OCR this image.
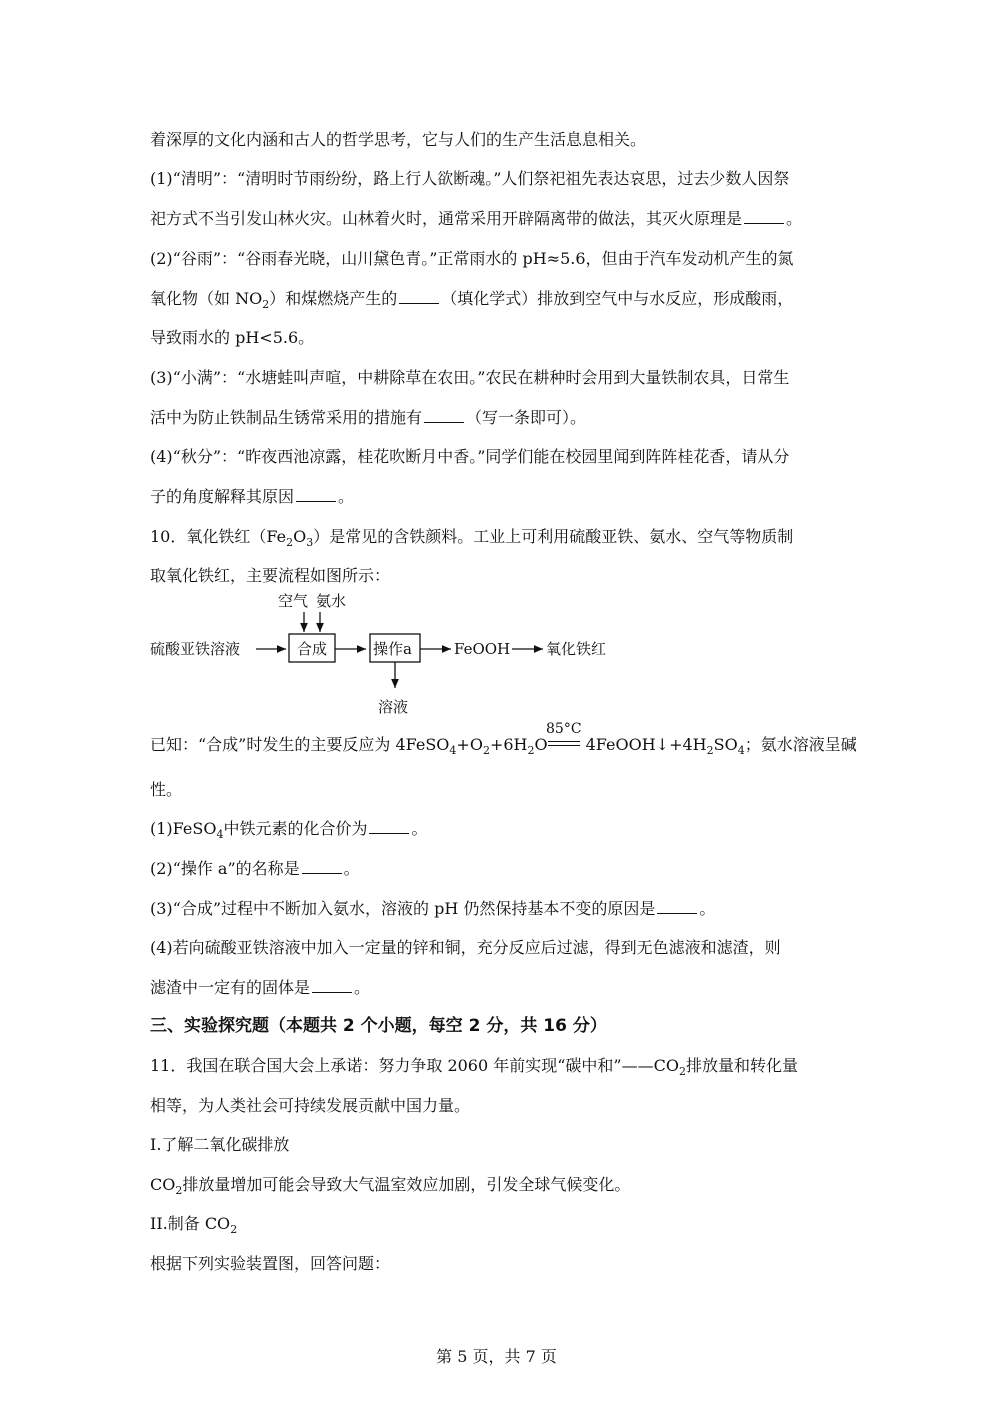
着深厚的文化内涵和古人的哲学思考，它与人们的生产生活息息相关。
(1)“清明”：“清明时节雨纷纷，路上行人欲断魂。”人们祭祀祖先表达哀思，过去少数人因祭
祀方式不当引发山林火灾。山林着火时，通常采用开辟隔离带的做法，其灭火原理是	。
(2)“谷雨”：“谷雨春光晓，山川黛色青。”正常雨水的 pH≈5.6，但由于汽车发动机产生的氮
氧化物（如 $NO_2$）和煤燃烧产生的	（填化学式）排放到空气中与水反应，形成酸雨，
导致雨水的 pH<5.6。
(3)“小满”：“水塘蛙叫声喧，中耕除草在农田。”农民在耕种时会用到大量铁制农具，日常生
活中为防止铁制品生锈常采用的措施有	（写一条即可）。
(4)“秋分”：“昨夜西池凉露，桂花吹断月中香。”同学们能在校园里闻到阵阵桂花香，请从分
子的角度解释其原因	。
10．氧化铁红$(Fe_2O_3)$是常见的含铁颜料。工业上可利用硫酸亚铁、氨水、空气等物质制
取氧化铁红，主要流程如图所示：
空气 氨水
硫酸亚铁溶液	合成	操作a	FeOOH 氧化铁红
溶液
85°C
已知：“合成”时发生的主要反应为 $4FeSO_4+O_2+6H_2O$ $4FeOOH↓+4H_2SO_4$；氨水溶液呈碱
性。
(1)FeSO$_4$中铁元素的化合价为	。
(2)“操作 a”的名称是	。
(3)“合成”过程中不断加入氨水，溶液的 pH 仍然保持基本不变的原因是	。
(4)若向硫酸亚铁溶液中加入一定量的锌和铜，充分反应后过滤，得到无色滤液和滤渣，则
滤渣中一定有的固体是	。
三、实验探究题（本题共 2 个小题，每空 2 分，共 16 分）
11．我国在联合国大会上承诺：努力争取 2060 年前实现“碳中和$”——CO_2$排放量和转化量
相等，为人类社会可持续发展贡献中国力量。
I.了解二氧化碳排放
$CO_2$排放量增加可能会导致大气温室效应加剧，引发全球气候变化。
II.制备 $CO_2$
根据下列实验装置图，回答问题：
第 5 页，共 7 页
